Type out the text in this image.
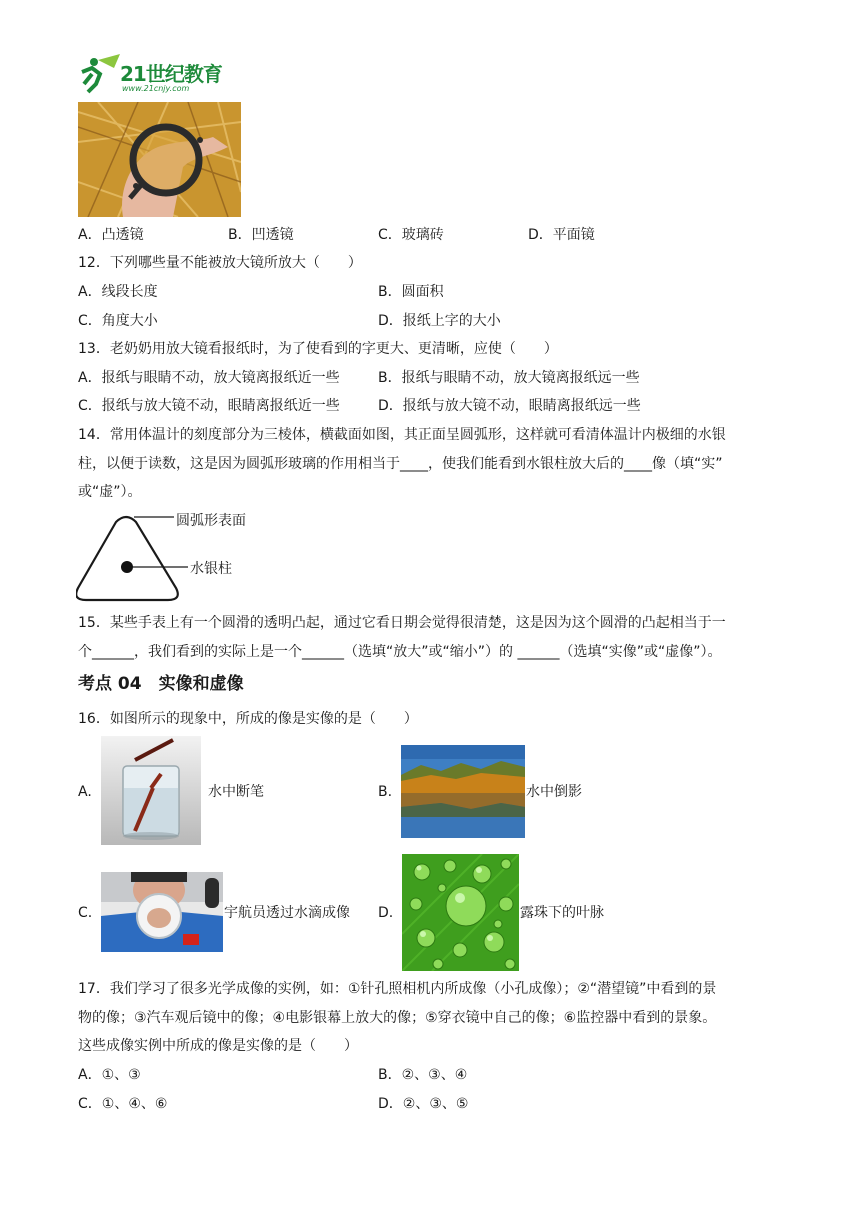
21世纪教育
www.21cnjy.com
A．凸透镜	B．凹透镜	C．玻璃砖	D．平面镜
12．下列哪些量不能被放大镜所放大（　　）
A．线段长度	B．圆面积
C．角度大小	D．报纸上字的大小
13．老奶奶用放大镜看报纸时，为了使看到的字更大、更清晰，应使（　　）
A．报纸与眼睛不动，放大镜离报纸近一些	B．报纸与眼睛不动，放大镜离报纸远一些
C．报纸与放大镜不动，眼睛离报纸近一些	D．报纸与放大镜不动，眼睛离报纸远一些
14．常用体温计的刻度部分为三棱体，横截面如图，其正面呈圆弧形，这样就可看清体温计内极细的水银
柱，以便于读数，这是因为圆弧形玻璃的作用相当于____，使我们能看到水银柱放大后的____像（填“实”
或“虚”）。
圆弧形表面
水银柱
15．某些手表上有一个圆滑的透明凸起，通过它看日期会觉得很清楚，这是因为这个圆滑的凸起相当于一
个______，我们看到的实际上是一个______（选填“放大”或“缩小”）的 ______（选填“实像”或“虚像”）。
考点 04　实像和虚像
16．如图所示的现象中，所成的像是实像的是（　　）
A.	水中断笔	B.	水中倒影
C.	宇航员透过水滴成像 D.	露珠下的叶脉
17．我们学习了很多光学成像的实例，如：①针孔照相机内所成像（小孔成像）；②“潜望镜”中看到的景
物的像；③汽车观后镜中的像；④电影银幕上放大的像；⑤穿衣镜中自己的像；⑥监控器中看到的景象。
这些成像实例中所成的像是实像的是（　　）
A．①、③	B．②、③、④
C．①、④、⑥	D．②、③、⑤
